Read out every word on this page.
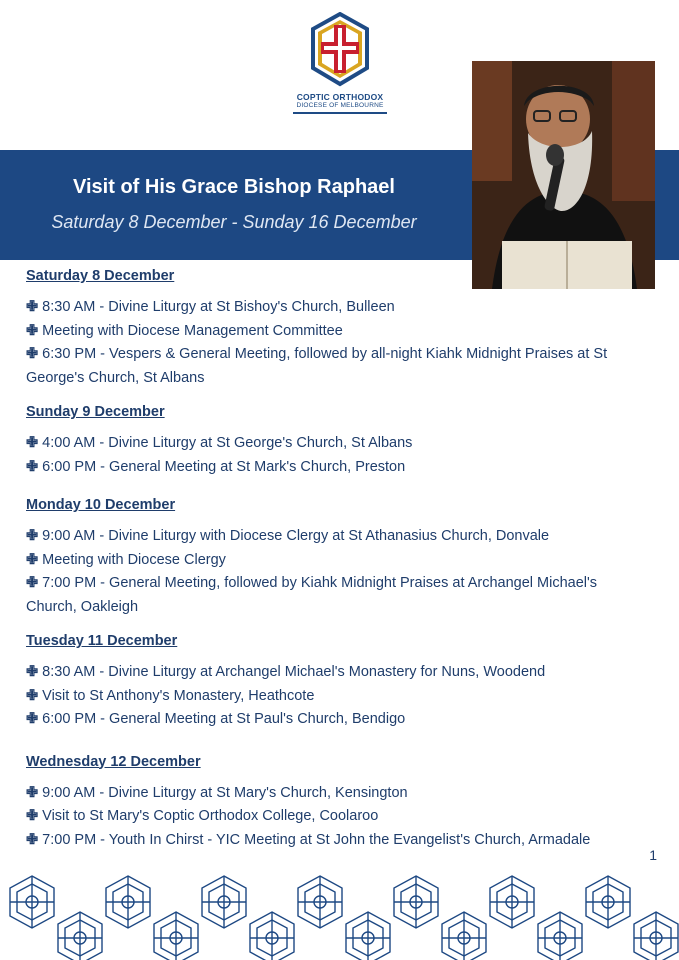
COPTIC ORTHODOX
DIOCESE OF MELBOURNE
Visit of His Grace Bishop Raphael
Saturday 8 December - Sunday 16 December
Saturday 8 December
✙ 8:30 AM - Divine Liturgy at St Bishoy's Church, Bulleen
✙ Meeting with Diocese Management Committee
✙ 6:30 PM - Vespers & General Meeting, followed by all-night Kiahk Midnight Praises at St George's Church, St Albans
Sunday 9 December
✙ 4:00 AM - Divine Liturgy at St George's Church, St Albans
✙ 6:00 PM - General Meeting at St Mark's Church, Preston
Monday 10 December
✙ 9:00 AM - Divine Liturgy with Diocese Clergy at St Athanasius Church, Donvale
✙ Meeting with Diocese Clergy
✙ 7:00 PM - General Meeting, followed by Kiahk Midnight Praises at Archangel Michael's Church, Oakleigh
Tuesday 11 December
✙ 8:30 AM - Divine Liturgy at Archangel Michael's Monastery for Nuns, Woodend
✙ Visit to St Anthony's Monastery, Heathcote
✙ 6:00 PM - General Meeting at St Paul's Church, Bendigo
Wednesday 12 December
✙ 9:00 AM - Divine Liturgy at St Mary's Church, Kensington
✙ Visit to St Mary's Coptic Orthodox College, Coolaroo
✙ 7:00 PM - Youth In Chirst - YIC Meeting at St John the Evangelist's Church, Armadale
1
